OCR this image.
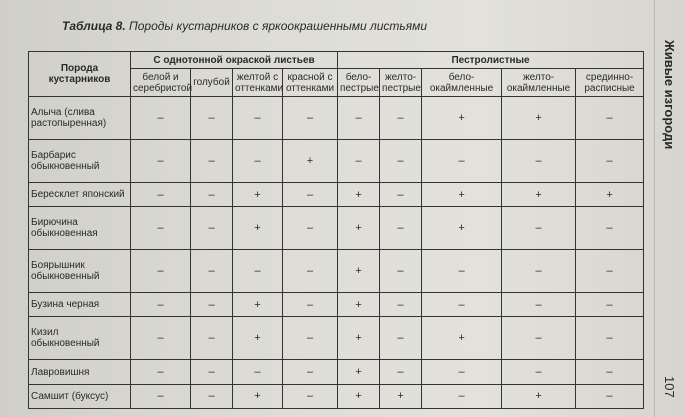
Таблица 8. Породы кустарников с яркоокрашенными листьями
Порода кустарников	С однотонной окраской листьев				Пестролистные				
	белой и серебристой	голубой	желтой с оттенками	красной с оттенками	бело-пестрые	желто-пестрые	бело-окаймленные	желто-окаймленные	срединно-расписные
Алыча (слива растопыренная)	–	–	–	–	–	–	+	+	–
Барбарис обыкновенный	–	–	–	+	–	–	–	–	–
Бересклет японский	–	–	+	–	+	–	+	+	+
Бирючина обыкновенная	–	–	+	–	+	–	+	–	–
Боярышник обыкновенный	–	–	–	–	+	–	–	–	–
Бузина черная	–	–	+	–	+	–	–	–	–
Кизил обыкновенный	–	–	+	–	+	–	+	–	–
Лавровишня	–	–	–	–	+	–	–	–	–
Самшит (буксус)	–	–	+	–	+	+	–	+	–
Живые изгороди
107
